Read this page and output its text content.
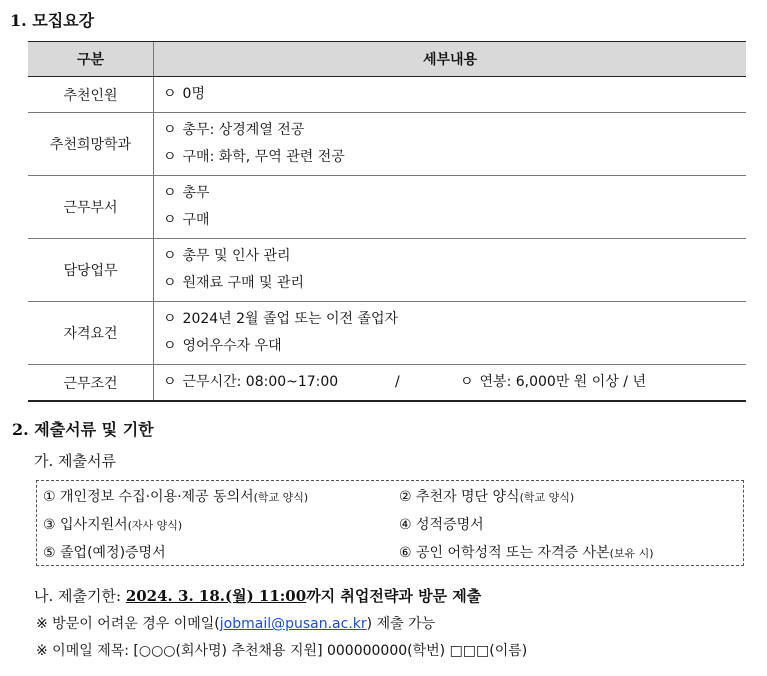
1. 모집요강
구분	세부내용
추천인원	ㅇ 0명

추천희망학과	ㅇ 총무: 상경계열 전공
ㅇ 구매: 화학, 무역 관련 전공

근무부서	ㅇ 총무
ㅇ 구매

담당업무	ㅇ 총무 및 인사 관리
ㅇ 원재료 구매 및 관리

자격요건	ㅇ 2024년 2월 졸업 또는 이전 졸업자
ㅇ 영어우수자 우대

근무조건	ㅇ 근무시간: 08:00~17:00 / ㅇ 연봉: 6,000만 원 이상 / 년
2. 제출서류 및 기한
가. 제출서류
① 개인정보 수집·이용·제공 동의서(학교 양식)	② 추천자 명단 양식(학교 양식)
③ 입사지원서(자사 양식)	④ 성적증명서
⑤ 졸업(예정)증명서	⑥ 공인 어학성적 또는 자격증 사본(보유 시)
나. 제출기한: 2024. 3. 18.(월) 11:00까지 취업전략과 방문 제출
※ 방문이 어려운 경우 이메일(jobmail@pusan.ac.kr) 제출 가능
※ 이메일 제목: [○○○(회사명) 추천채용 지원] 000000000(학번) □□□(이름)
